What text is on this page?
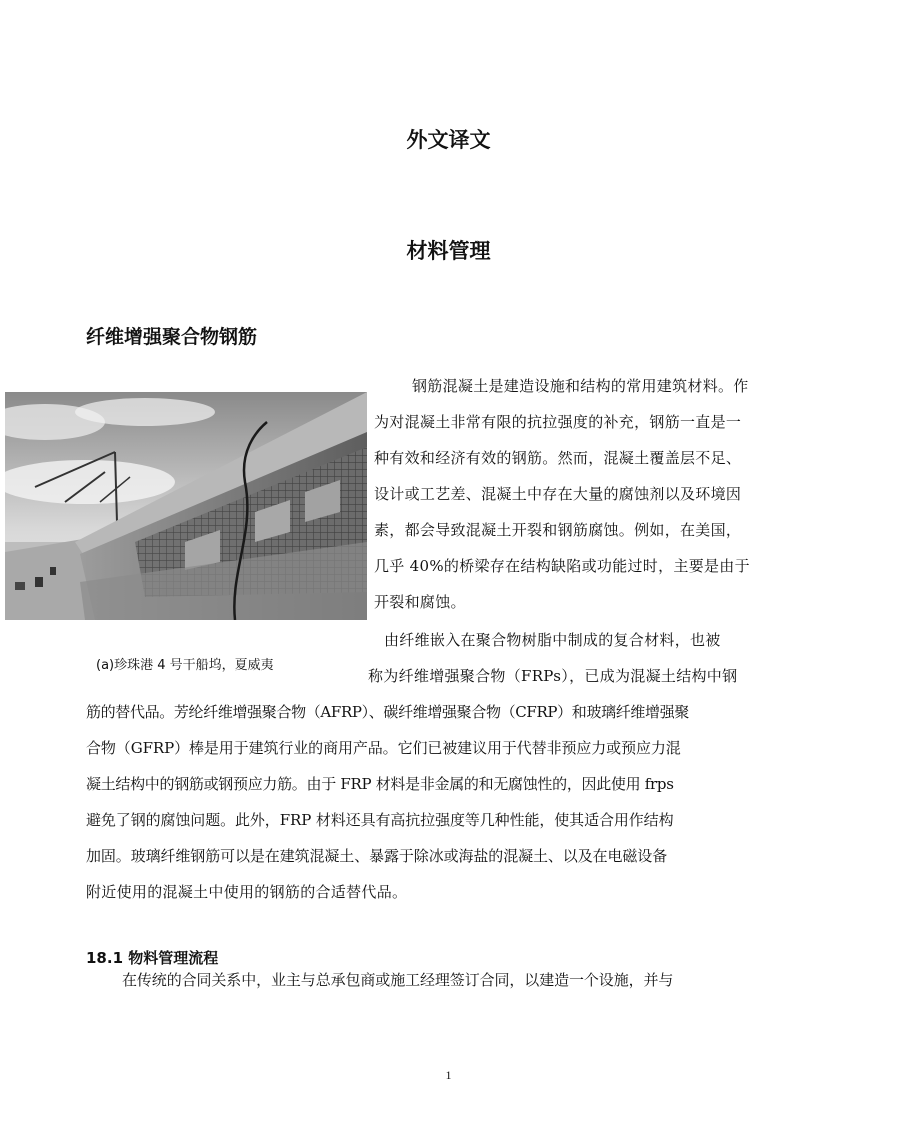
外文译文
材料管理
纤维增强聚合物钢筋
(a)珍珠港 4 号干船坞，夏威夷
钢筋混凝土是建造设施和结构的常用建筑材料。作
为对混凝土非常有限的抗拉强度的补充，钢筋一直是一
种有效和经济有效的钢筋。然而，混凝土覆盖层不足、
设计或工艺差、混凝土中存在大量的腐蚀剂以及环境因
素，都会导致混凝土开裂和钢筋腐蚀。例如，在美国，
几乎 40%的桥梁存在结构缺陷或功能过时，主要是由于
开裂和腐蚀。
由纤维嵌入在聚合物树脂中制成的复合材料，也被
称为纤维增强聚合物（FRPs），已成为混凝土结构中钢
筋的替代品。芳纶纤维增强聚合物（AFRP）、碳纤维增强聚合物（CFRP）和玻璃纤维增强聚
合物（GFRP）棒是用于建筑行业的商用产品。它们已被建议用于代替非预应力或预应力混
凝土结构中的钢筋或钢预应力筋。由于 FRP 材料是非金属的和无腐蚀性的，因此使用 frps
避免了钢的腐蚀问题。此外，FRP 材料还具有高抗拉强度等几种性能，使其适合用作结构
加固。玻璃纤维钢筋可以是在建筑混凝土、暴露于除冰或海盐的混凝土、以及在电磁设备
附近使用的混凝土中使用的钢筋的合适替代品。
18.1 物料管理流程
在传统的合同关系中，业主与总承包商或施工经理签订合同，以建造一个设施，并与
1
